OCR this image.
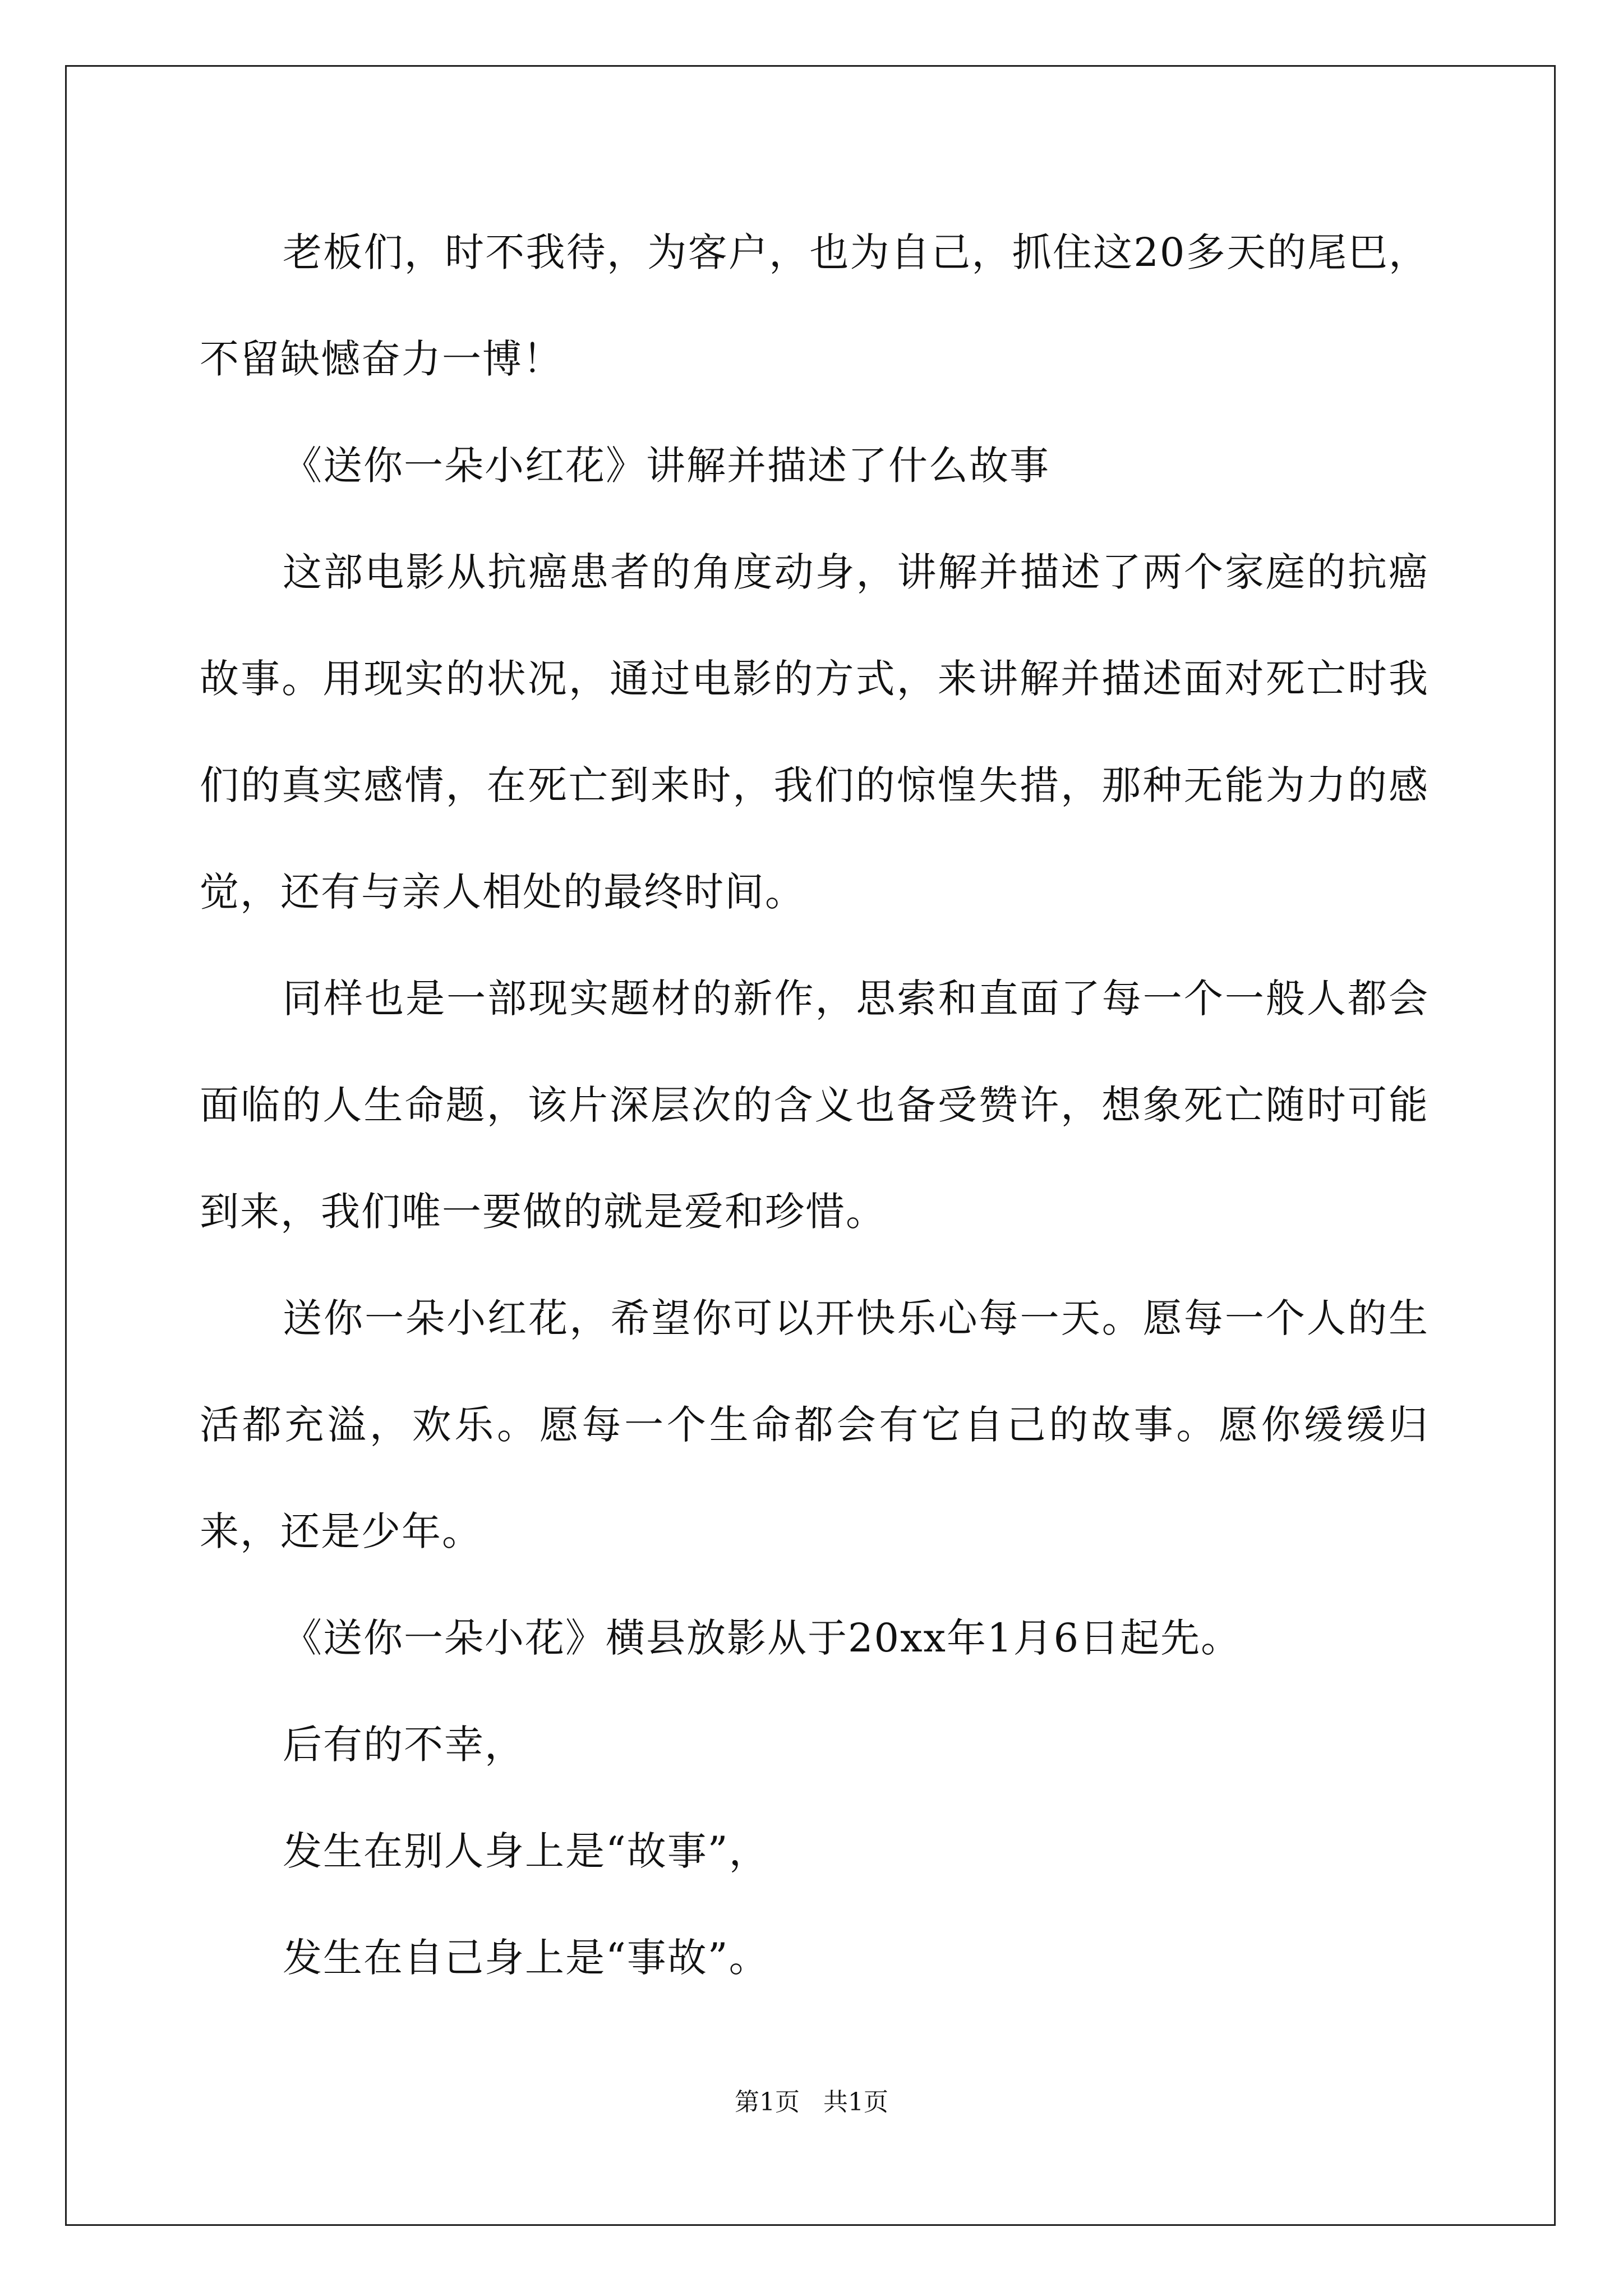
老板们，时不我待，为客户，也为自己，抓住这20多天的尾巴，不留缺憾奋力一博！

《送你一朵小红花》讲解并描述了什么故事

这部电影从抗癌患者的角度动身，讲解并描述了两个家庭的抗癌故事。用现实的状况，通过电影的方式，来讲解并描述面对死亡时我们的真实感情，在死亡到来时，我们的惊惶失措，那种无能为力的感觉，还有与亲人相处的最终时间。

同样也是一部现实题材的新作，思索和直面了每一个一般人都会面临的人生命题，该片深层次的含义也备受赞许，想象死亡随时可能到来，我们唯一要做的就是爱和珍惜。

送你一朵小红花，希望你可以开快乐心每一天。愿每一个人的生活都充溢，欢乐。愿每一个生命都会有它自己的故事。愿你缓缓归来，还是少年。

《送你一朵小花》横县放影从于20xx年1月6日起先。

后有的不幸，

发生在别人身上是“故事”，

发生在自己身上是“事故”。

第1页   共1页
